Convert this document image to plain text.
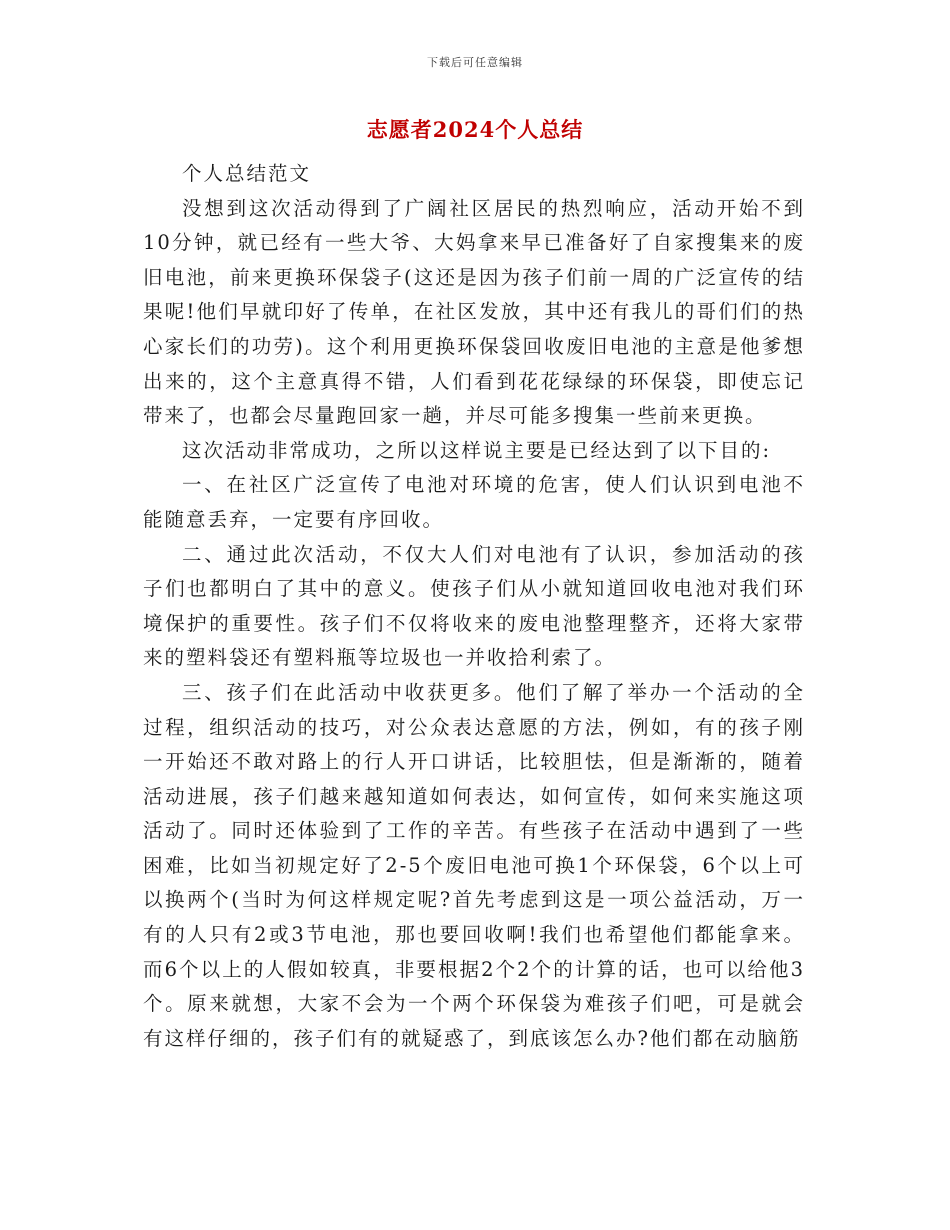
下载后可任意编辑
志愿者2024个人总结

个人总结范文

没想到这次活动得到了广阔社区居民的热烈响应，活动开始不到10分钟，就已经有一些大爷、大妈拿来早已准备好了自家搜集来的废旧电池，前来更换环保袋子(这还是因为孩子们前一周的广泛宣传的结果呢!他们早就印好了传单，在社区发放，其中还有我儿的哥们们的热心家长们的功劳)。这个利用更换环保袋回收废旧电池的主意是他爹想出来的，这个主意真得不错，人们看到花花绿绿的环保袋，即使忘记带来了，也都会尽量跑回家一趟，并尽可能多搜集一些前来更换。

这次活动非常成功，之所以这样说主要是已经达到了以下目的:

一、在社区广泛宣传了电池对环境的危害，使人们认识到电池不能随意丢弃，一定要有序回收。

二、通过此次活动，不仅大人们对电池有了认识，参加活动的孩子们也都明白了其中的意义。使孩子们从小就知道回收电池对我们环境保护的重要性。孩子们不仅将收来的废电池整理整齐，还将大家带来的塑料袋还有塑料瓶等垃圾也一并收拾利索了。

三、孩子们在此活动中收获更多。他们了解了举办一个活动的全过程，组织活动的技巧，对公众表达意愿的方法，例如，有的孩子刚一开始还不敢对路上的行人开口讲话，比较胆怯，但是渐渐的，随着活动进展，孩子们越来越知道如何表达，如何宣传，如何来实施这项活动了。同时还体验到了工作的辛苦。有些孩子在活动中遇到了一些困难，比如当初规定好了2-5个废旧电池可换1个环保袋，6个以上可以换两个(当时为何这样规定呢?首先考虑到这是一项公益活动，万一有的人只有2或3节电池，那也要回收啊!我们也希望他们都能拿来。而6个以上的人假如较真，非要根据2个2个的计算的话，也可以给他3个。原来就想，大家不会为一个两个环保袋为难孩子们吧，可是就会有这样仔细的，孩子们有的就疑惑了，到底该怎么办?他们都在动脑筋
